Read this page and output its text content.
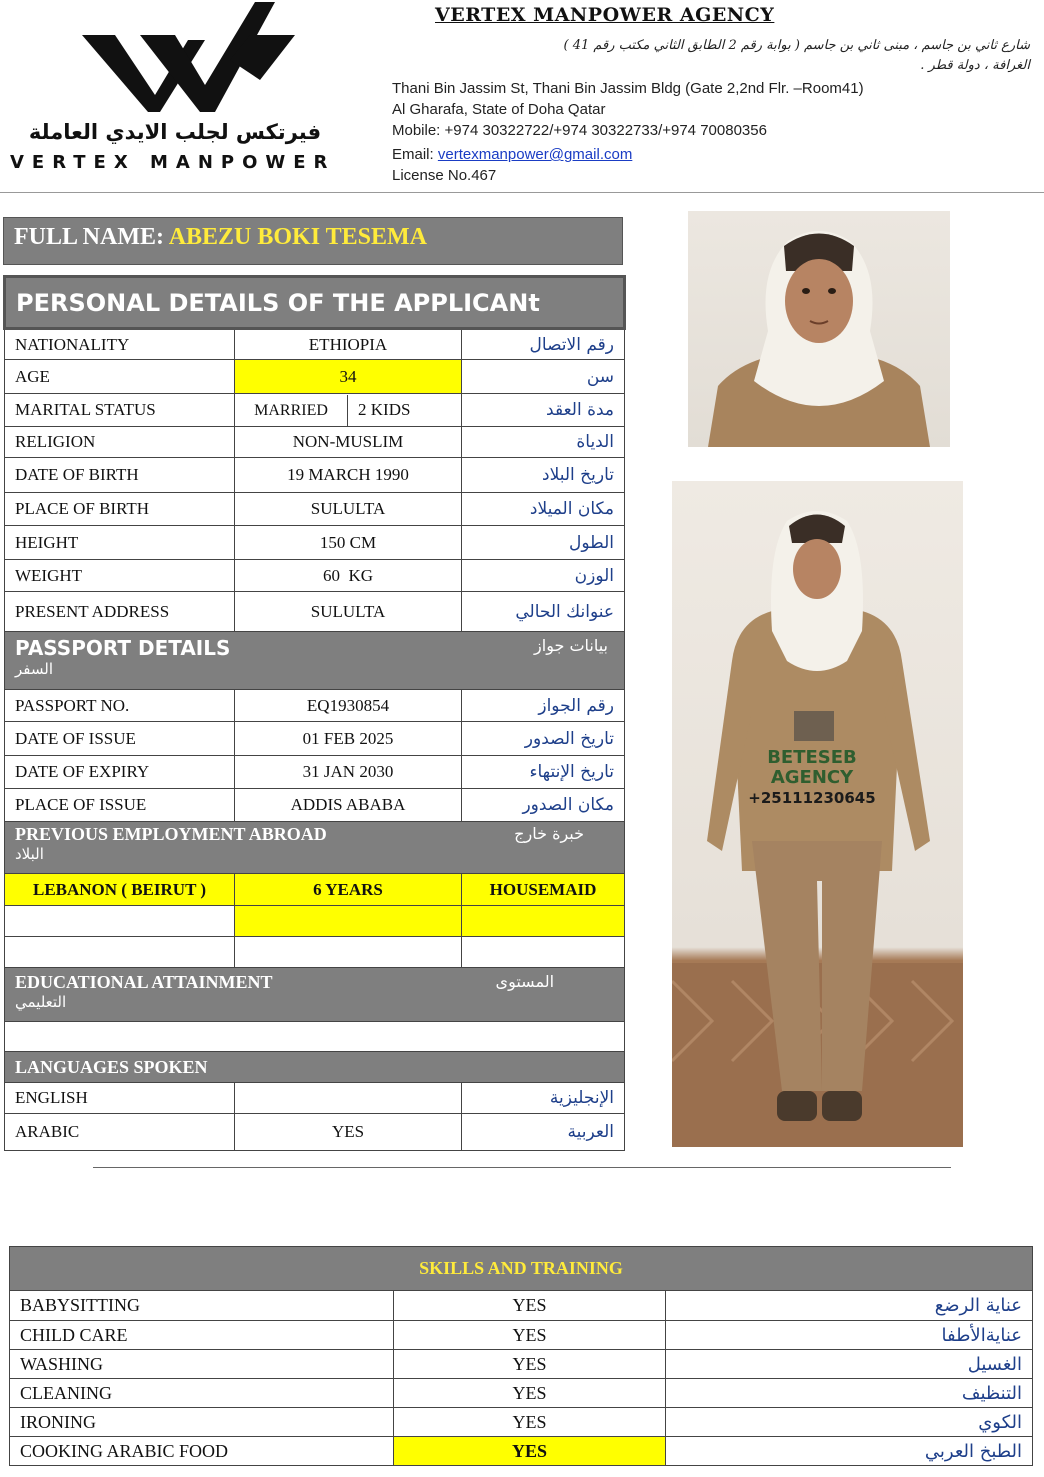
فيرتكس لجلب الايدي العاملة
VERTEX MANPOWER
VERTEX MANPOWER AGENCY
شارع ثاني بن جاسم ، مبنى ثاني بن جاسم ( بوابة رقم 2 الطابق الثاني مكتب رقم 41 )
الغرافة ، دولة قطر .
Thani Bin Jassim St, Thani Bin Jassim Bldg (Gate 2,2nd Flr. –Room41)
Al Gharafa, State of Doha Qatar
Mobile: +974 30322722/+974 30322733/+974 70080356
Email: vertexmanpower@gmail.com
License No.467
FULL NAME: ABEZU BOKI TESEMA
PERSONAL DETAILS OF THE APPLICANt		
NATIONALITY	ETHIOPIA	رقم الاتصال
AGE	34	سن
MARITAL STATUS	MARRIED 2 KIDS	مدة العقد
RELIGION	NON-MUSLIM	الدياة
DATE OF BIRTH	19 MARCH 1990	تاريخ البلاد
PLACE OF BIRTH	SULULTA	مكان الميلاد
HEIGHT	150 CM	الطول
WEIGHT	60  KG	الوزن
PRESENT ADDRESS	SULULTA	عنوانك الحالي

PASSPORT DETAILS بيانات جواز
السفر		

PASSPORT NO.	EQ1930854	رقم الجواز
DATE OF ISSUE	01 FEB 2025	تاريخ الصدور
DATE OF EXPIRY	31 JAN 2030	تاريخ الإنتهاء
PLACE OF ISSUE	ADDIS ABABA	مكان الصدور

PREVIOUS EMPLOYMENT ABROAD خبرة خارج
البلاد		

LEBANON ( BEIRUT )	6 YEARS	HOUSEMAID

EDUCATIONAL ATTAINMENT المستوى
التعليمي		

LANGUAGES SPOKEN		
ENGLISH		الإنجليزية
ARABIC	YES	العربية
BETESEB
AGENCY
+25111230645
SKILLS AND TRAINING		
BABYSITTING	YES	عناية الرضع
CHILD CARE	YES	عنايةالأطفا
WASHING	YES	الغسيل
CLEANING	YES	التنظيف
IRONING	YES	الكوي
COOKING ARABIC FOOD	YES	الطبخ العربي
